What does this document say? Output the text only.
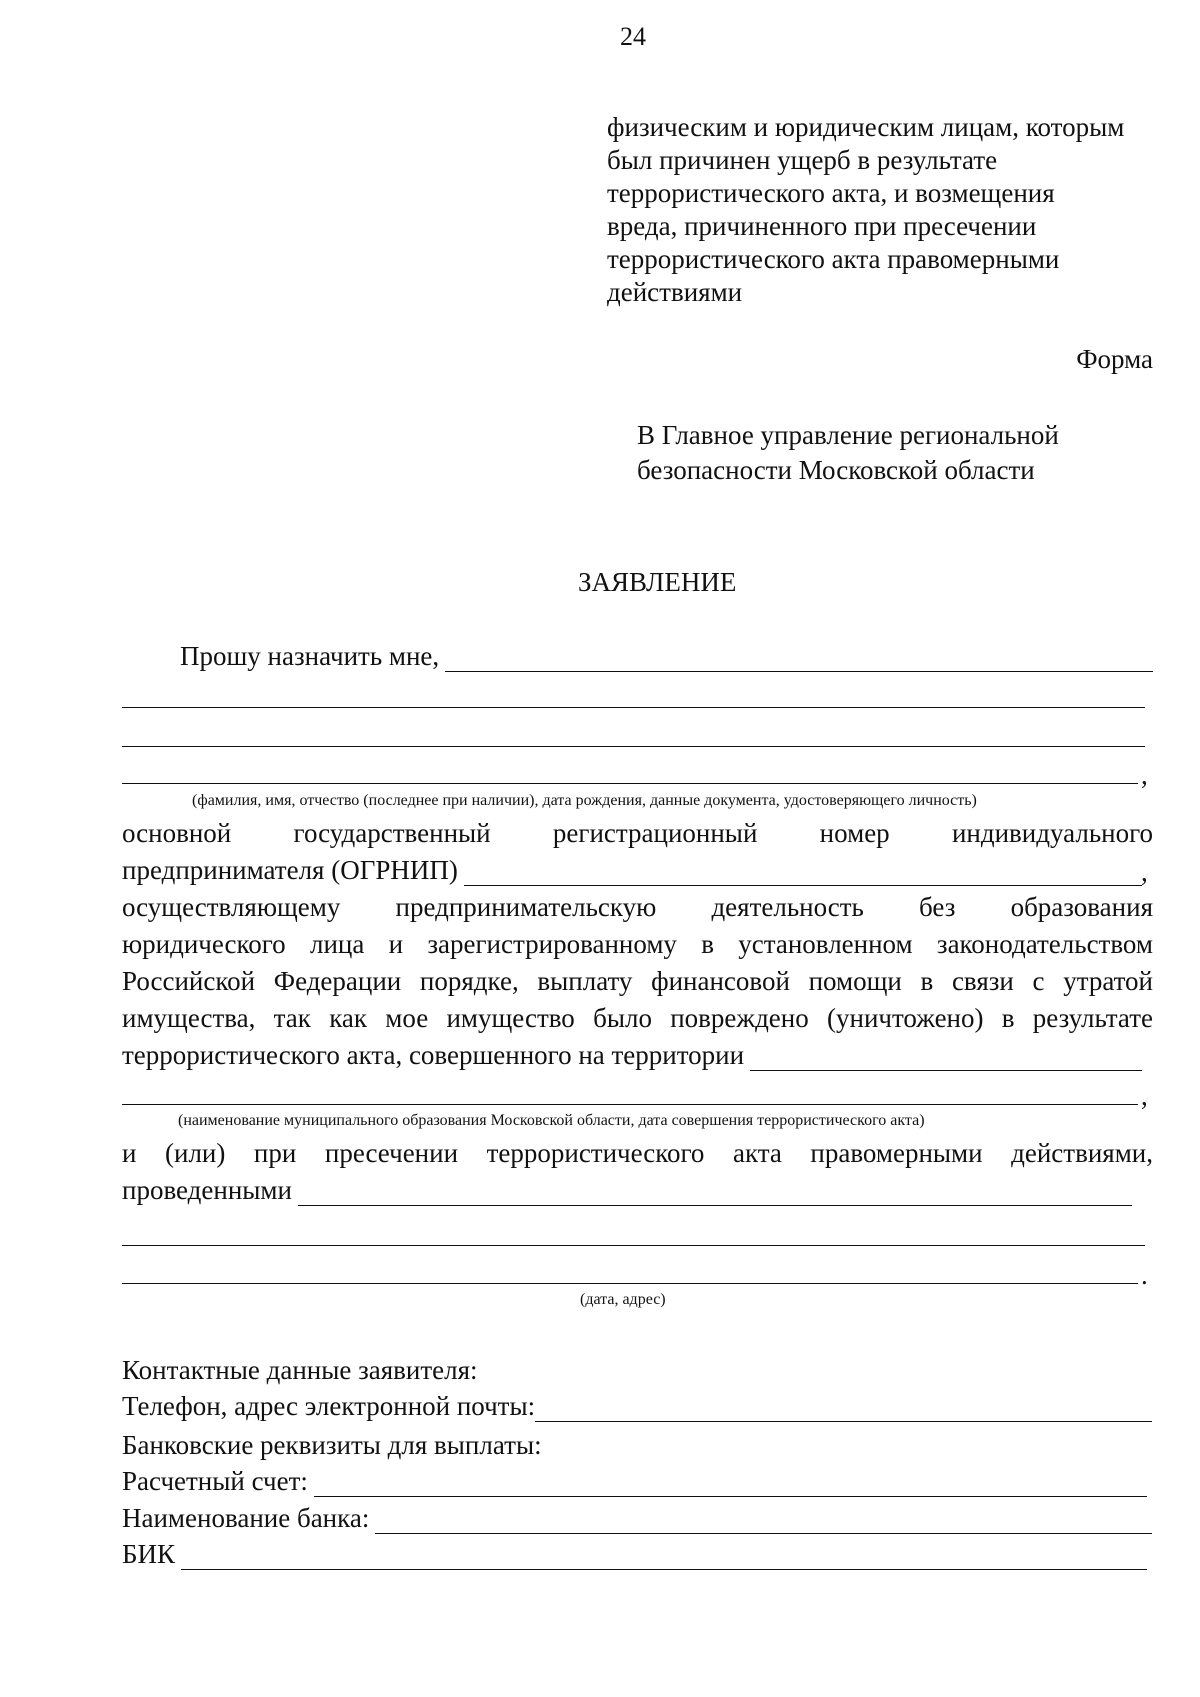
24
физическим и юридическим лицам, которым
был причинен ущерб в результате
террористического акта, и возмещения
вреда, причиненного при пресечении
террористического акта правомерными
действиями
Форма
В Главное управление региональной
безопасности Московской области
ЗАЯВЛЕНИЕ
Прошу назначить мне,
,
(фамилия, имя, отчество (последнее при наличии), дата рождения, данные документа, удостоверяющего личность)
основной государственный регистрационный номер индивидуального
предпринимателя (ОГРНИП)	,
осуществляющему предпринимательскую деятельность без образования
юридического лица и зарегистрированному в установленном законодательством
Российской Федерации порядке, выплату финансовой помощи в связи с утратой
имущества, так как мое имущество было повреждено (уничтожено) в результате
террористического акта, совершенного на территории
,
(наименование муниципального образования Московской области, дата совершения террористического акта)
и (или) при пресечении террористического акта правомерными действиями,
проведенными
.
(дата, адрес)
Контактные данные заявителя:
Телефон, адрес электронной почты:
Банковские реквизиты для выплаты:
Расчетный счет:
Наименование банка:
БИК
